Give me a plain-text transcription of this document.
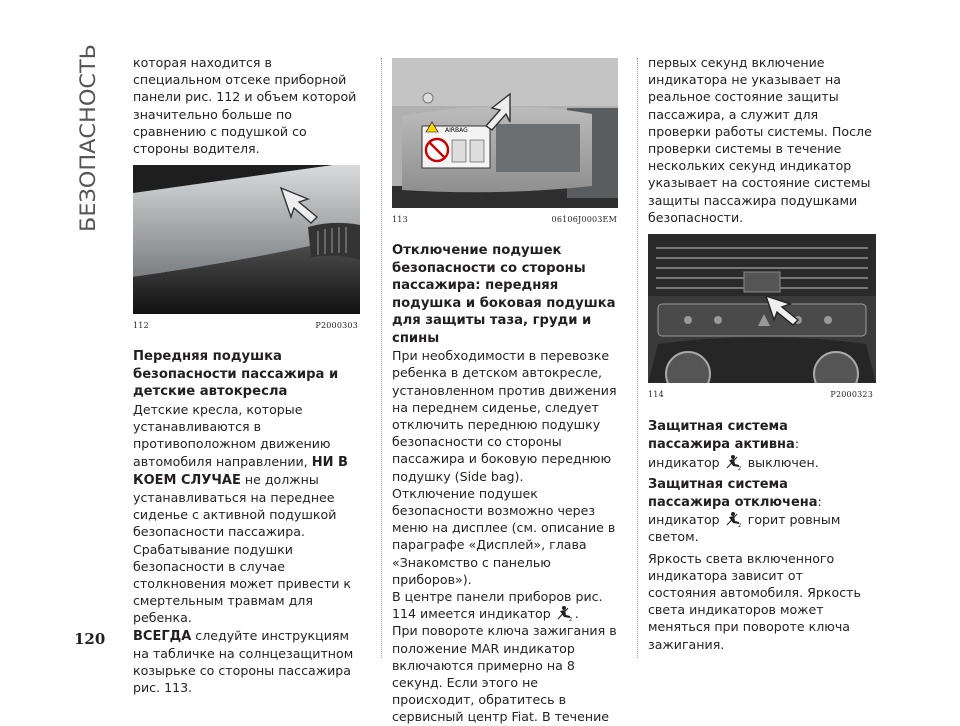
БЕЗОПАСНОСТЬ
120

которая находится в специальном отсеке приборной панели рис. 112 и объем которой значительно больше по сравнению с подушкой со стороны водителя.

112	P2000303
Передняя подушка безопасности пассажира и детские автокресла

Детские кресла, которые устанавливаются в противоположном движению автомобиля направлении, НИ В КОЕМ СЛУЧАЕ не должны устанавливаться на переднее сиденье с активной подушкой безопасности пассажира. Срабатывание подушки безопасности в случае столкновения может привести к смертельным травмам для ребенка.

ВСЕГДА следуйте инструкциям на табличке на солнцезащитном козырьке со стороны пассажира рис. 113.

AIRBAG
113	06106J0003EM
Отключение подушек безопасности со стороны пассажира: передняя подушка и боковая подушка для защиты таза, груди и спины

При необходимости в перевозке ребенка в детском автокресле, установленном против движения на переднем сиденье, следует отключить переднюю подушку безопасности со стороны пассажира и боковую переднюю подушку (Side bag).

Отключение подушек безопасности возможно через меню на дисплее (см. описание в параграфе «Дисплей», глава «Знакомство с панелью приборов»).

В центре панели приборов рис. 114 имеется индикатор	2 .

При повороте ключа зажигания в положение MAR индикатор включаются примерно на 8 секунд. Если этого не происходит, обратитесь в сервисный центр Fiat. В течение

первых секунд включение индикатора не указывает на реальное состояние защиты пассажира, а служит для проверки работы системы. После проверки системы в течение нескольких секунд индикатор указывает на состояние системы защиты пассажира подушками безопасности.

114	P2000323

Защитная система пассажира активна: индикатор	2 выключен.

Защитная система пассажира отключена: индикатор	2 горит ровным светом.

Яркость света включенного индикатора зависит от состояния автомобиля. Яркость света индикаторов может меняться при повороте ключа зажигания.
